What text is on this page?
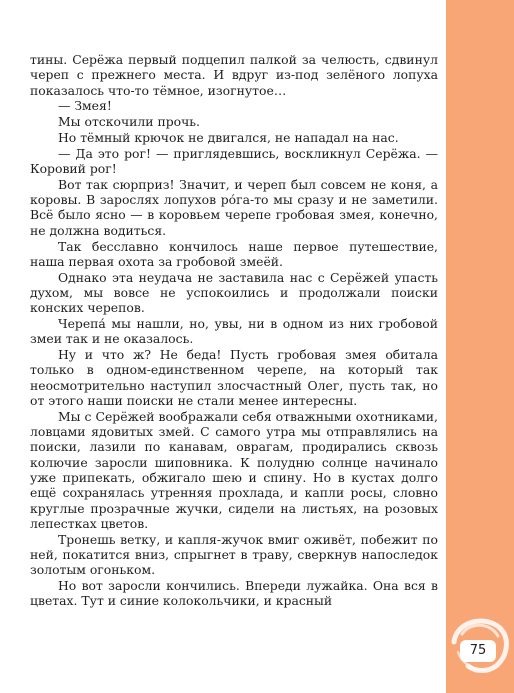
тины. Серёжа первый подцепил палкой за челюсть, сдвинул череп с прежнего места. И вдруг из-под зелёного лопуха показалось что-то тёмное, изогнутое…

— Змея!

Мы отскочили прочь.

Но тёмный крючок не двигался, не нападал на нас.

— Да это рог! — приглядевшись, воскликнул Серёжа. — Коровий рог!

Вот так сюрприз! Значит, и череп был совсем не коня, а коровы. В зарослях лопухов ро́га-то мы сразу и не заметили. Всё было ясно — в коровьем черепе гробовая змея, конечно, не должна водиться.

Так бесславно кончилось наше первое путешествие, наша первая охота за гробовой змеёй.

Однако эта неудача не заставила нас с Серёжей упасть духом, мы вовсе не успокоились и продолжали поиски конских черепов.

Черепа́ мы нашли, но, увы, ни в одном из них гробовой змеи так и не оказалось.

Ну и что ж? Не беда! Пусть гробовая змея обитала только в одном-единственном черепе, на который так неосмотрительно наступил злосчастный Олег, пусть так, но от этого наши поиски не стали менее интересны.

Мы с Серёжей воображали себя отважными охотниками, ловцами ядовитых змей. С самого утра мы отправлялись на поиски, лазили по канавам, оврагам, продирались сквозь колючие заросли шиповника. К полудню солнце начинало уже припекать, обжигало шею и спину. Но в кустах долго ещё сохранялась утренняя прохлада, и капли росы, словно круглые прозрачные жучки, сидели на листьях, на розовых лепестках цветов.

Тронешь ветку, и капля-жучок вмиг оживёт, побежит по ней, покатится вниз, спрыгнет в траву, сверкнув напоследок золотым огоньком.

Но вот заросли кончились. Впереди лужайка. Она вся в цветах. Тут и синие колокольчики, и красный

75
